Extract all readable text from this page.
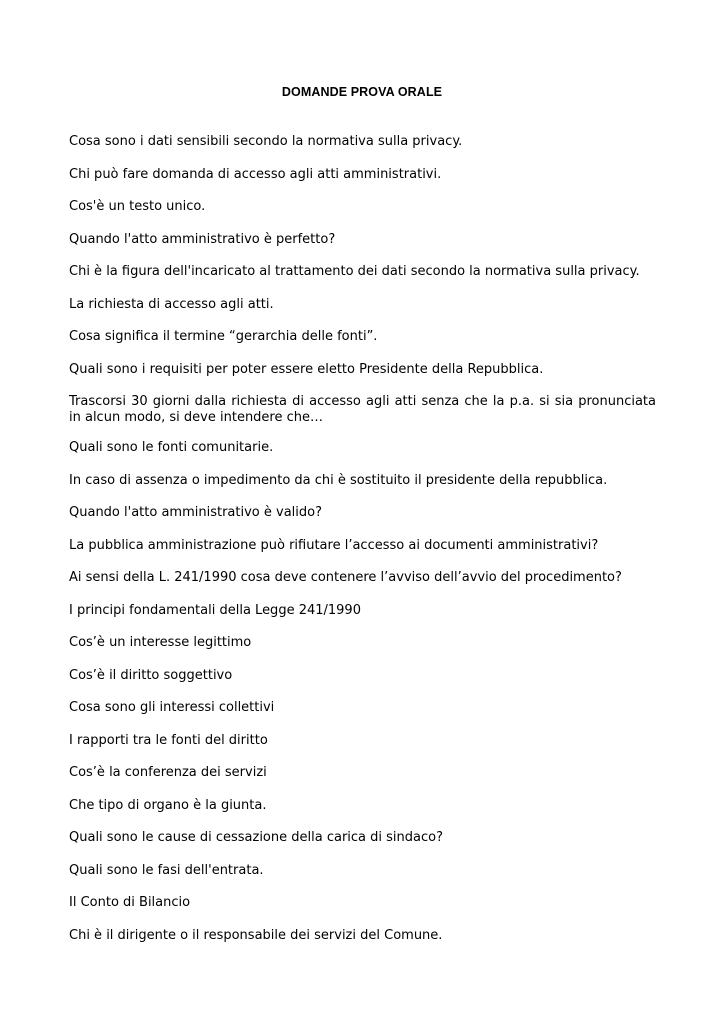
DOMANDE PROVA ORALE
Cosa sono i dati sensibili secondo la normativa sulla privacy.
Chi può fare domanda di accesso agli atti amministrativi.
Cos'è un testo unico.
Quando l'atto amministrativo è perfetto?
Chi è la figura dell'incaricato al trattamento dei dati secondo la normativa sulla privacy.
La richiesta di accesso agli atti.
Cosa significa il termine “gerarchia delle fonti”.
Quali sono i requisiti per poter essere eletto Presidente della Repubblica.
Trascorsi 30 giorni dalla richiesta di accesso agli atti senza che la p.a. si sia pronunciata in alcun modo, si deve intendere che…
Quali sono le fonti comunitarie.
In caso di assenza o impedimento da chi è sostituito il presidente della repubblica.
Quando l'atto amministrativo è valido?
La pubblica amministrazione può rifiutare l’accesso ai documenti amministrativi?
Ai sensi della L. 241/1990 cosa deve contenere l’avviso dell’avvio del procedimento?
I principi fondamentali della Legge 241/1990
Cos’è un interesse legittimo
Cos’è il diritto soggettivo
Cosa sono gli interessi collettivi
I rapporti tra le fonti del diritto
Cos’è la conferenza dei servizi
Che tipo di organo è la giunta.
Quali sono le cause di cessazione della carica di sindaco?
Quali sono le fasi dell'entrata.
Il Conto di Bilancio
Chi è il dirigente o il responsabile dei servizi del Comune.
